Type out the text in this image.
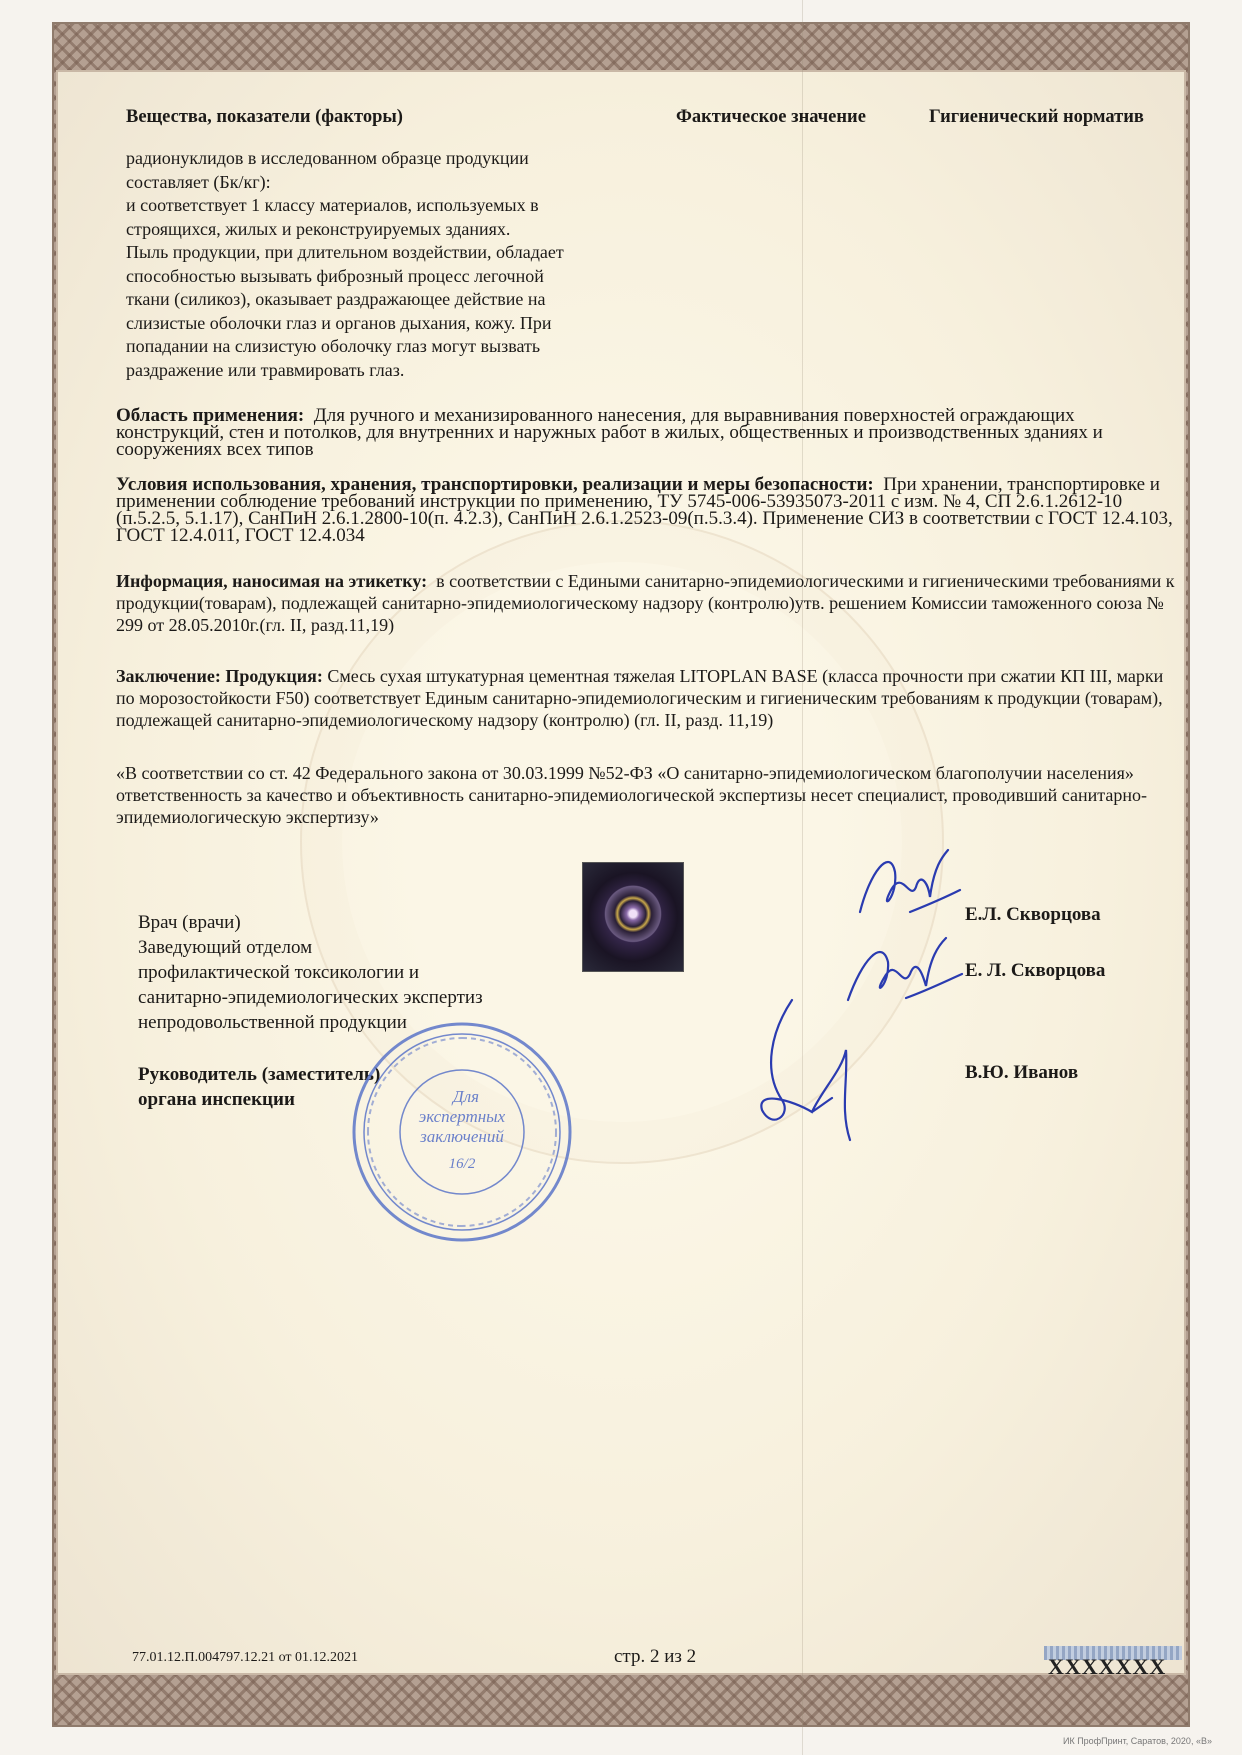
Вещества, показатели (факторы)	Фактическое значение	Гигиенический норматив
радионуклидов в исследованном образце продукции
составляет (Бк/кг):
и соответствует 1 классу материалов, используемых в
строящихся, жилых и реконструируемых зданиях.
Пыль продукции, при длительном воздействии, обладает
способностью вызывать фиброзный процесс легочной
ткани (силикоз), оказывает раздражающее действие на
слизистые оболочки глаз и органов дыхания, кожу. При
попадании на слизистую оболочку глаз могут вызвать
раздражение или травмировать глаз.
Область применения: Для ручного и механизированного нанесения, для выравнивания поверхностей ограждающих конструкций, стен и потолков, для внутренних и наружных работ в жилых, общественных и производственных зданиях и сооружениях всех типов
Условия использования, хранения, транспортировки, реализации и меры безопасности: При хранении, транспортировке и применении соблюдение требований инструкции по применению, ТУ 5745-006-53935073-2011 с изм. № 4, СП 2.6.1.2612-10 (п.5.2.5, 5.1.17), СанПиН 2.6.1.2800-10(п. 4.2.3), СанПиН 2.6.1.2523-09(п.5.3.4). Применение СИЗ в соответствии с ГОСТ 12.4.103, ГОСТ 12.4.011, ГОСТ 12.4.034
Информация, наносимая на этикетку: в соответствии с Едиными санитарно-эпидемиологическими и гигиеническими требованиями к продукции(товарам), подлежащей санитарно-эпидемиологическому надзору (контролю)утв. решением Комиссии таможенного союза № 299 от 28.05.2010г.(гл. II, разд.11,19)
Заключение: Продукция: Смесь сухая штукатурная цементная тяжелая LITOPLAN BASE (класса прочности при сжатии КП III, марки по морозостойкости F50) соответствует Единым санитарно-эпидемиологическим и гигиеническим требованиям к продукции (товарам), подлежащей санитарно-эпидемиологическому надзору (контролю) (гл. II, разд. 11,19)
«В соответствии со ст. 42 Федерального закона от 30.03.1999 №52-ФЗ «О санитарно-эпидемиологическом благополучии населения» ответственность за качество и объективность санитарно-эпидемиологической экспертизы несет специалист, проводивший санитарно-эпидемиологическую экспертизу»
Врач (врачи)
Заведующий отделом
профилактической токсикологии и
санитарно-эпидемиологических экспертиз
непродовольственной продукции
Руководитель (заместитель)
органа инспекции
Е.Л. Скворцова
Е. Л. Скворцова
В.Ю. Иванов
Для
экспертных
заключений
16/2
77.01.12.П.004797.12.21 от 01.12.2021	стр. 2 из 2	XXXXXXX
ИК ПрофПринт, Саратов, 2020, «В»
